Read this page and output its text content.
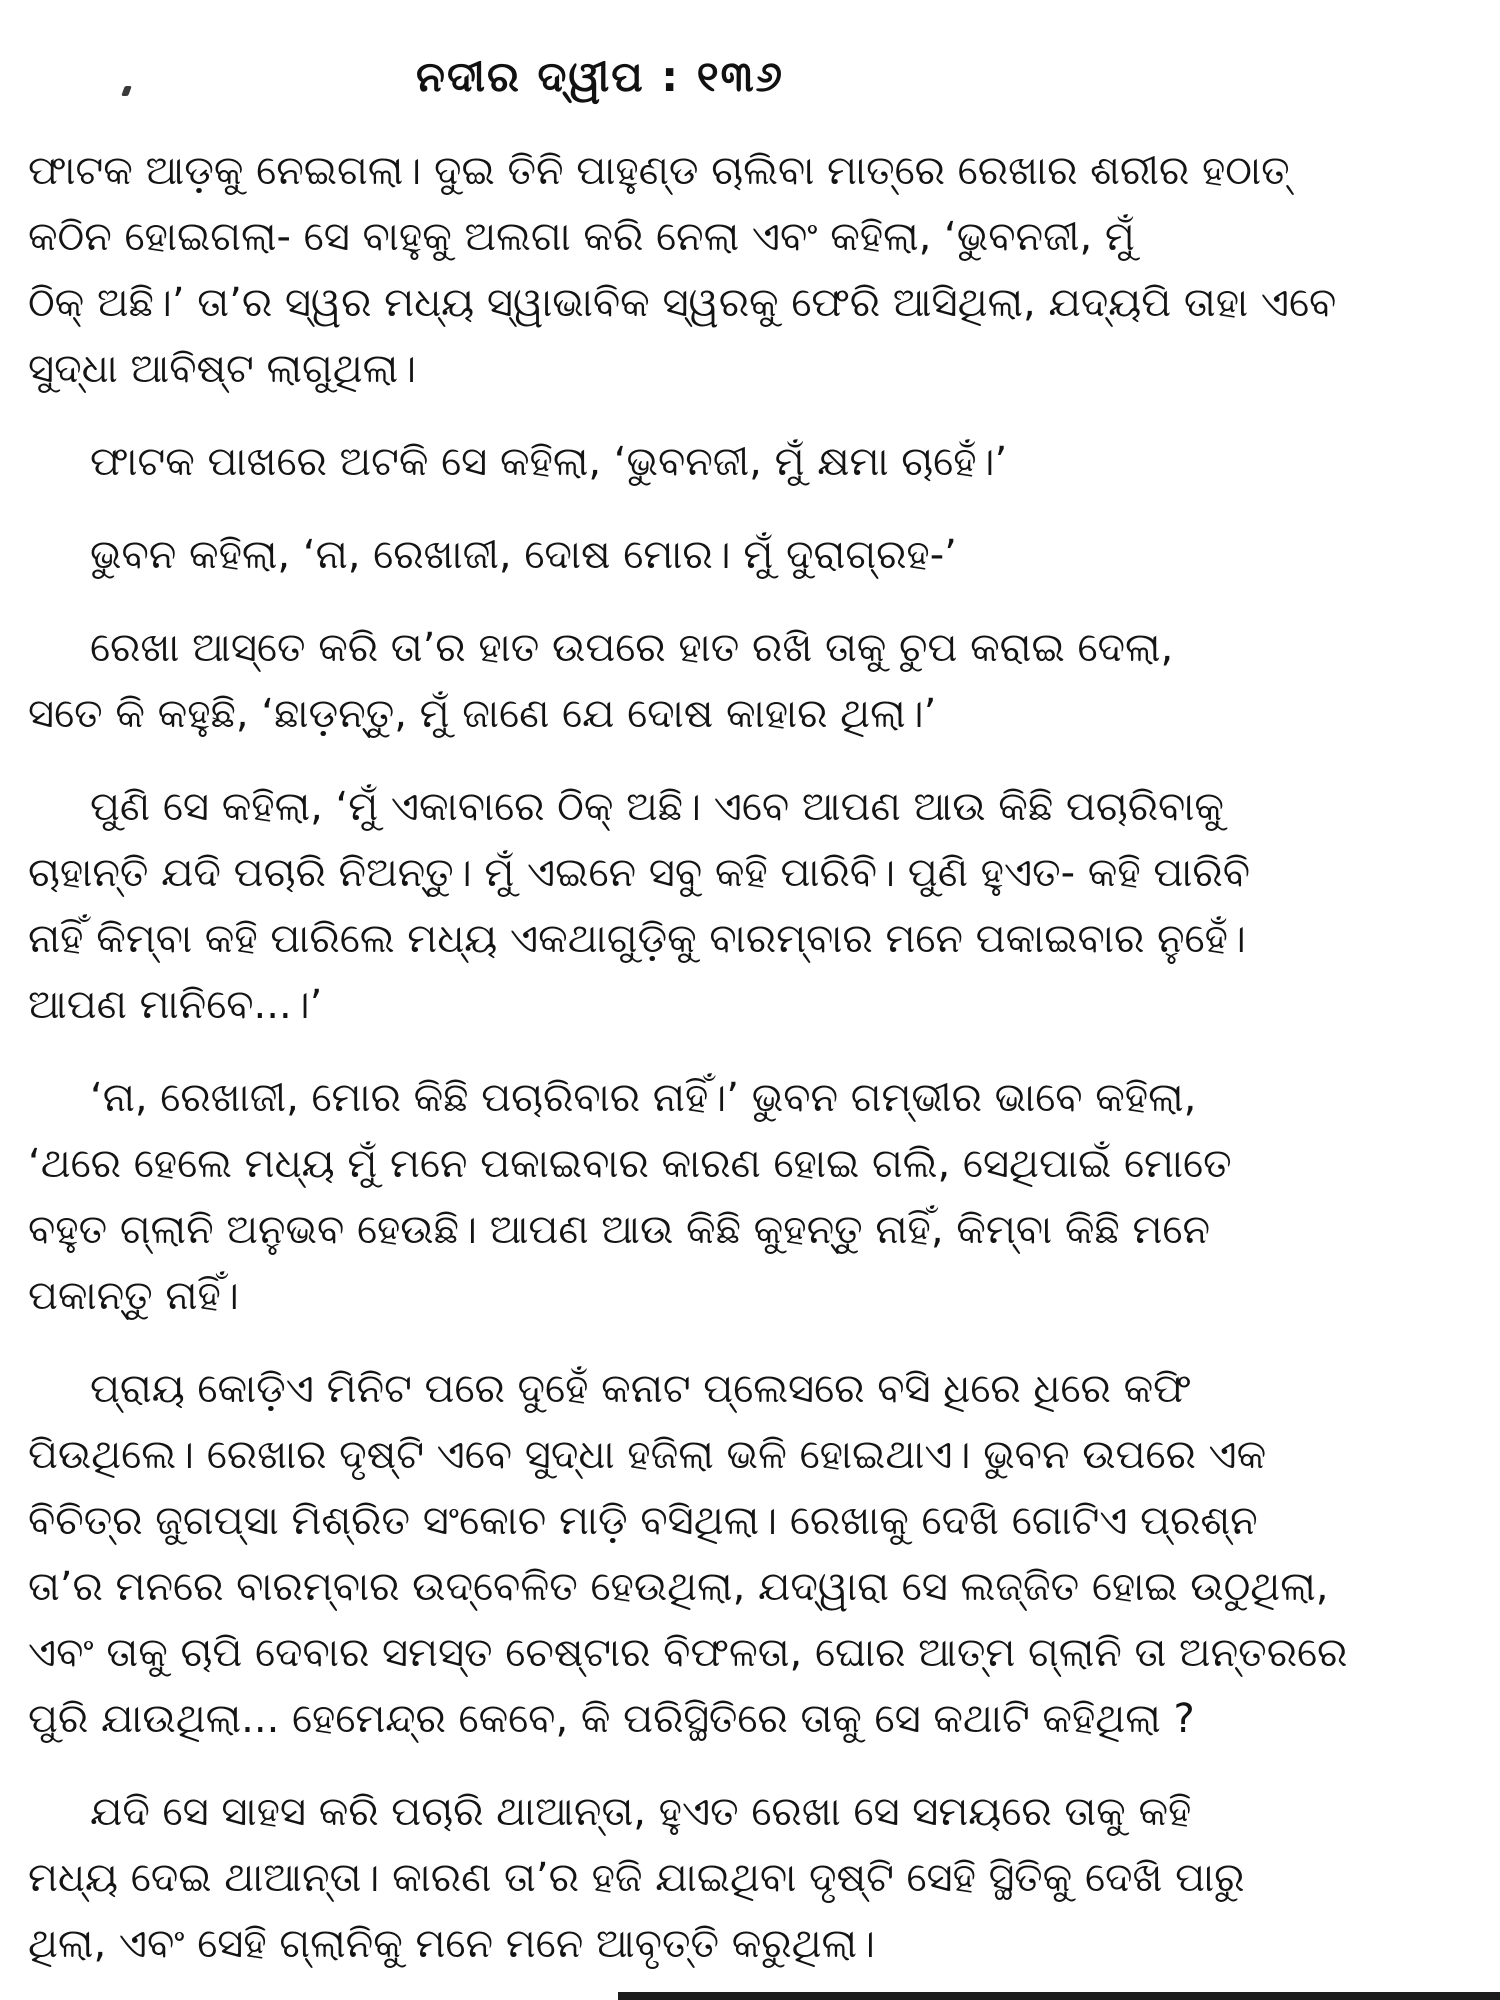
ନଦୀର ଦ୍ୱୀପ : ୧୩୬
ଫାଟକ ଆଡ଼କୁ ନେଇଗଲା। ଦୁଇ ତିନି ପାହୁଣ୍ଡ ଚାଲିବା ମାତ୍ରେ ରେଖାର ଶରୀର ହଠାତ୍
କଠିନ ହୋଇଗଲା- ସେ ବାହୁକୁ ଅଲଗା କରି ନେଲା ଏବଂ କହିଲା, ‘ଭୁବନଜୀ, ମୁଁ
ଠିକ୍ ଅଛି।’ ତା’ର ସ୍ୱର ମଧ୍ୟ ସ୍ୱାଭାବିକ ସ୍ୱରକୁ ଫେରି ଆସିଥିଲା, ଯଦ୍ୟପି ତାହା ଏବେ
ସୁଦ୍ଧା ଆବିଷ୍ଟ ଲାଗୁଥିଲା।
ଫାଟକ ପାଖରେ ଅଟକି ସେ କହିଲା, ‘ଭୁବନଜୀ, ମୁଁ କ୍ଷମା ଚାହେଁ।’
ଭୁବନ କହିଲା, ‘ନା, ରେଖାଜୀ, ଦୋଷ ମୋର। ମୁଁ ଦୁରାଗ୍ରହ-’
ରେଖା ଆସ୍ତେ କରି ତା’ର ହାତ ଉପରେ ହାତ ରଖି ତାକୁ ଚୁପ କରାଇ ଦେଲା,
ସତେ କି କହୁଛି, ‘ଛାଡ଼ନ୍ତୁ, ମୁଁ ଜାଣେ ଯେ ଦୋଷ କାହାର ଥିଲା।’
ପୁଣି ସେ କହିଲା, ‘ମୁଁ ଏକାବାରେ ଠିକ୍ ଅଛି। ଏବେ ଆପଣ ଆଉ କିଛି ପଚାରିବାକୁ
ଚାହାନ୍ତି ଯଦି ପଚାରି ନିଅନ୍ତୁ। ମୁଁ ଏଇନେ ସବୁ କହି ପାରିବି। ପୁଣି ହୁଏତ- କହି ପାରିବି
ନାହିଁ କିମ୍ବା କହି ପାରିଲେ ମଧ୍ୟ ଏକଥାଗୁଡ଼ିକୁ ବାରମ୍ବାର ମନେ ପକାଇବାର ନୁହେଁ।
ଆପଣ ମାନିବେ...।’
‘ନା, ରେଖାଜୀ, ମୋର କିଛି ପଚାରିବାର ନାହିଁ।’ ଭୁବନ ଗମ୍ଭୀର ଭାବେ କହିଲା,
‘ଥରେ ହେଲେ ମଧ୍ୟ ମୁଁ ମନେ ପକାଇବାର କାରଣ ହୋଇ ଗଲି, ସେଥିପାଇଁ ମୋତେ
ବହୁତ ଗ୍ଲାନି ଅନୁଭବ ହେଉଛି। ଆପଣ ଆଉ କିଛି କୁହନ୍ତୁ ନାହିଁ, କିମ୍ବା କିଛି ମନେ
ପକାନ୍ତୁ ନାହିଁ।
ପ୍ରାୟ କୋଡ଼ିଏ ମିନିଟ ପରେ ଦୁହେଁ କନାଟ ପ୍ଲେସରେ ବସି ଧିରେ ଧିରେ କଫି
ପିଉଥିଲେ। ରେଖାର ଦୃଷ୍ଟି ଏବେ ସୁଦ୍ଧା ହଜିଲା ଭଳି ହୋଇଥାଏ। ଭୁବନ ଉପରେ ଏକ
ବିଚିତ୍ର ଜୁଗପ୍ସା ମିଶ୍ରିତ ସଂକୋଚ ମାଡ଼ି ବସିଥିଲା। ରେଖାକୁ ଦେଖି ଗୋଟିଏ ପ୍ରଶ୍ନ
ତା’ର ମନରେ ବାରମ୍ବାର ଉଦ୍ବେଳିତ ହେଉଥିଲା, ଯଦ୍ୱାରା ସେ ଲଜ୍ଜିତ ହୋଇ ଉଠୁଥିଲା,
ଏବଂ ତାକୁ ଚାପି ଦେବାର ସମସ୍ତ ଚେଷ୍ଟାର ବିଫଳତା, ଘୋର ଆତ୍ମ ଗ୍ଲାନି ତା ଅନ୍ତରରେ
ପୁରି ଯାଉଥିଲା... ହେମେନ୍ଦ୍ର କେବେ, କି ପରିସ୍ଥିତିରେ ତାକୁ ସେ କଥାଟି କହିଥିଲା ?
ଯଦି ସେ ସାହସ କରି ପଚାରି ଥାଆନ୍ତା, ହୁଏତ ରେଖା ସେ ସମୟରେ ତାକୁ କହି
ମଧ୍ୟ ଦେଇ ଥାଆନ୍ତା। କାରଣ ତା’ର ହଜି ଯାଇଥିବା ଦୃଷ୍ଟି ସେହି ସ୍ଥିତିକୁ ଦେଖି ପାରୁ
ଥିଲା, ଏବଂ ସେହି ଗ୍ଲାନିକୁ ମନେ ମନେ ଆବୃତ୍ତି କରୁଥିଲା।
